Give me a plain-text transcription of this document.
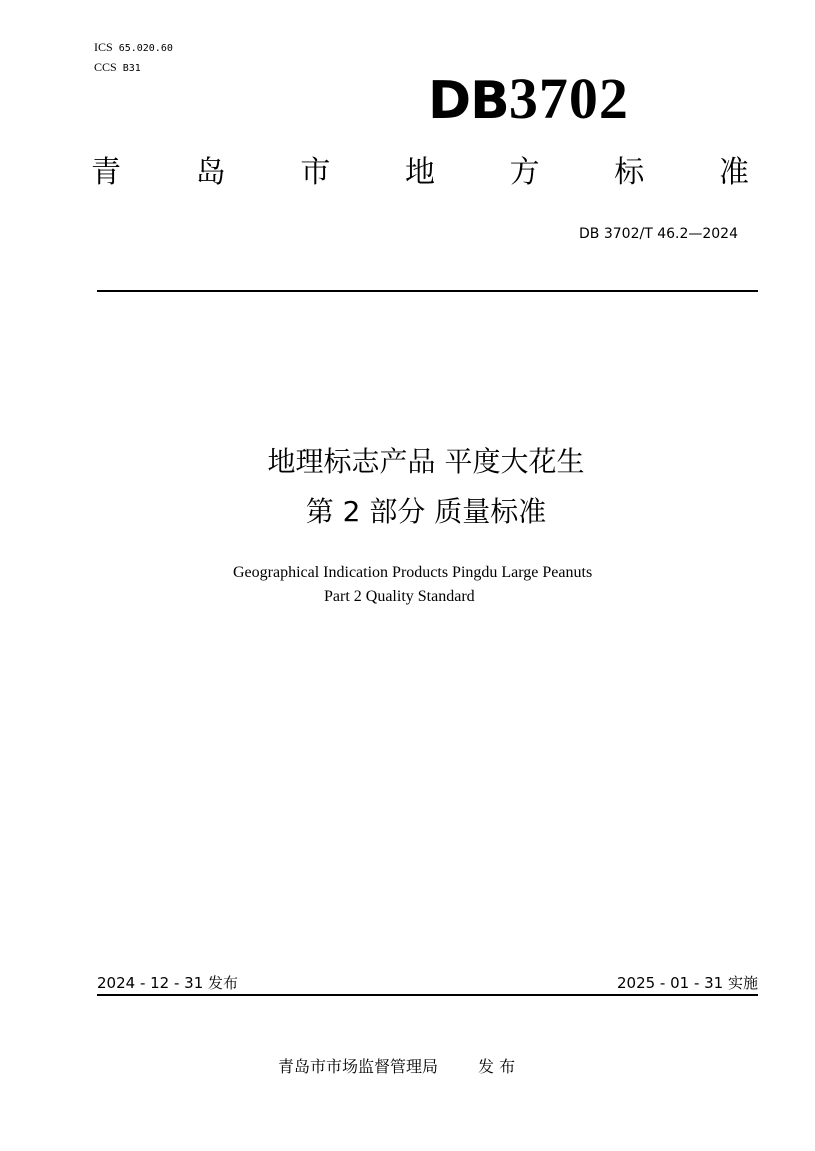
ICS 65.020.60
CCS B31
DB3702
青 岛 市 地 方 标 准
DB 3702/T 46.2—2024
地理标志产品 平度大花生
第 2 部分 质量标准
Geographical Indication Products Pingdu Large Peanuts
Part 2 Quality Standard
2024 - 12 - 31 发布	2025 - 01 - 31 实施
青岛市市场监督管理局	发 布
